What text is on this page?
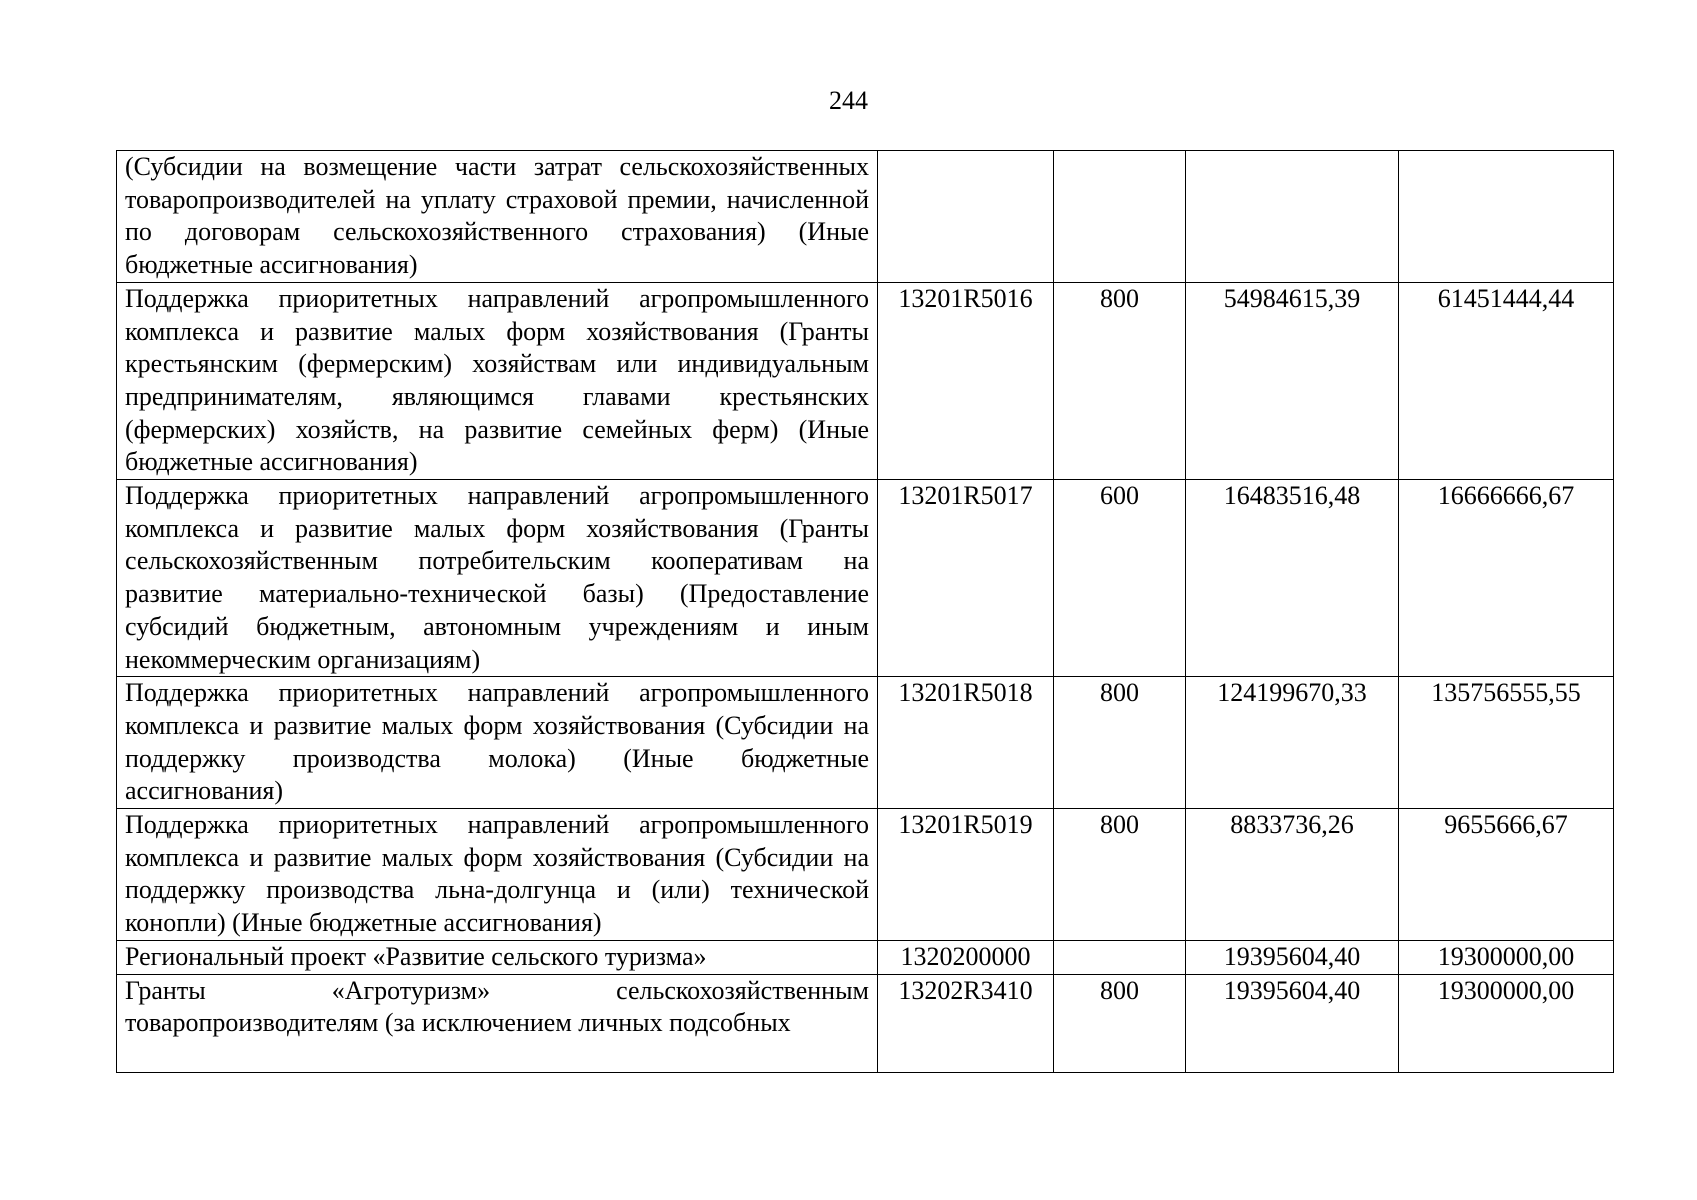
244
(Субсидии на возмещение части затрат сельскохозяйственных товаропроизводителей на уплату страховой премии, начисленной по договорам сельскохозяйственного страхования) (Иные бюджетные ассигнования)				
Поддержка приоритетных направлений агропромышленного комплекса и развитие малых форм хозяйствования (Гранты крестьянским (фермерским) хозяйствам или индивидуальным предпринимателям, являющимся главами крестьянских (фермерских) хозяйств, на развитие семейных ферм) (Иные бюджетные ассигнования)	13201R5016	800	54984615,39	61451444,44
Поддержка приоритетных направлений агропромышленного комплекса и развитие малых форм хозяйствования (Гранты сельскохозяйственным потребительским кооперативам на развитие материально-технической базы) (Предоставление субсидий бюджетным, автономным учреждениям и иным некоммерческим организациям)	13201R5017	600	16483516,48	16666666,67
Поддержка приоритетных направлений агропромышленного комплекса и развитие малых форм хозяйствования (Субсидии на поддержку производства молока) (Иные бюджетные ассигнования)	13201R5018	800	124199670,33	135756555,55
Поддержка приоритетных направлений агропромышленного комплекса и развитие малых форм хозяйствования (Субсидии на поддержку производства льна-долгунца и (или) технической конопли) (Иные бюджетные ассигнования)	13201R5019	800	8833736,26	9655666,67
Региональный проект «Развитие сельского туризма»	1320200000		19395604,40	19300000,00
Гранты «Агротуризм» сельскохозяйственным товаропроизводителям (за исключением личных подсобных	13202R3410	800	19395604,40	19300000,00
